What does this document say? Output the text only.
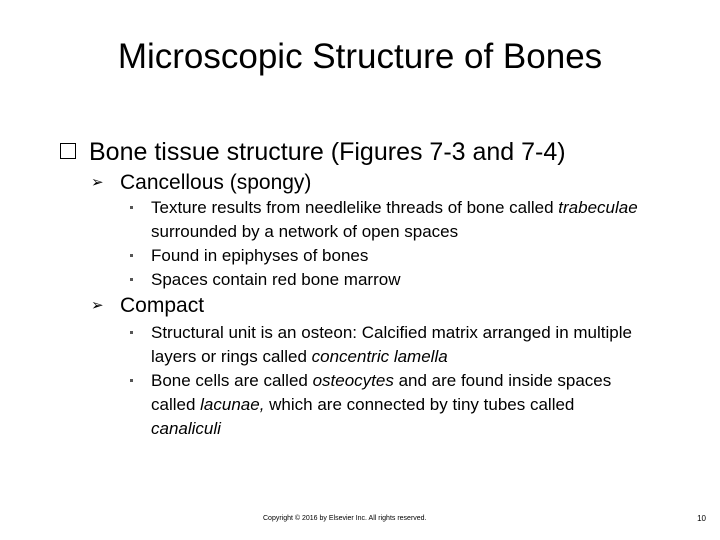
Microscopic Structure of Bones
Bone tissue structure (Figures 7-3 and 7-4)
➢ Cancellous (spongy)
Texture results from needlelike threads of bone called trabeculae surrounded by a network of open spaces
Found in epiphyses of bones
Spaces contain red bone marrow
➢ Compact
Structural unit is an osteon: Calcified matrix arranged in multiple layers or rings called concentric lamella
Bone cells are called osteocytes and are found inside spaces called lacunae, which are connected by tiny tubes called canaliculi
Copyright © 2016 by Elsevier Inc. All rights reserved.	10
